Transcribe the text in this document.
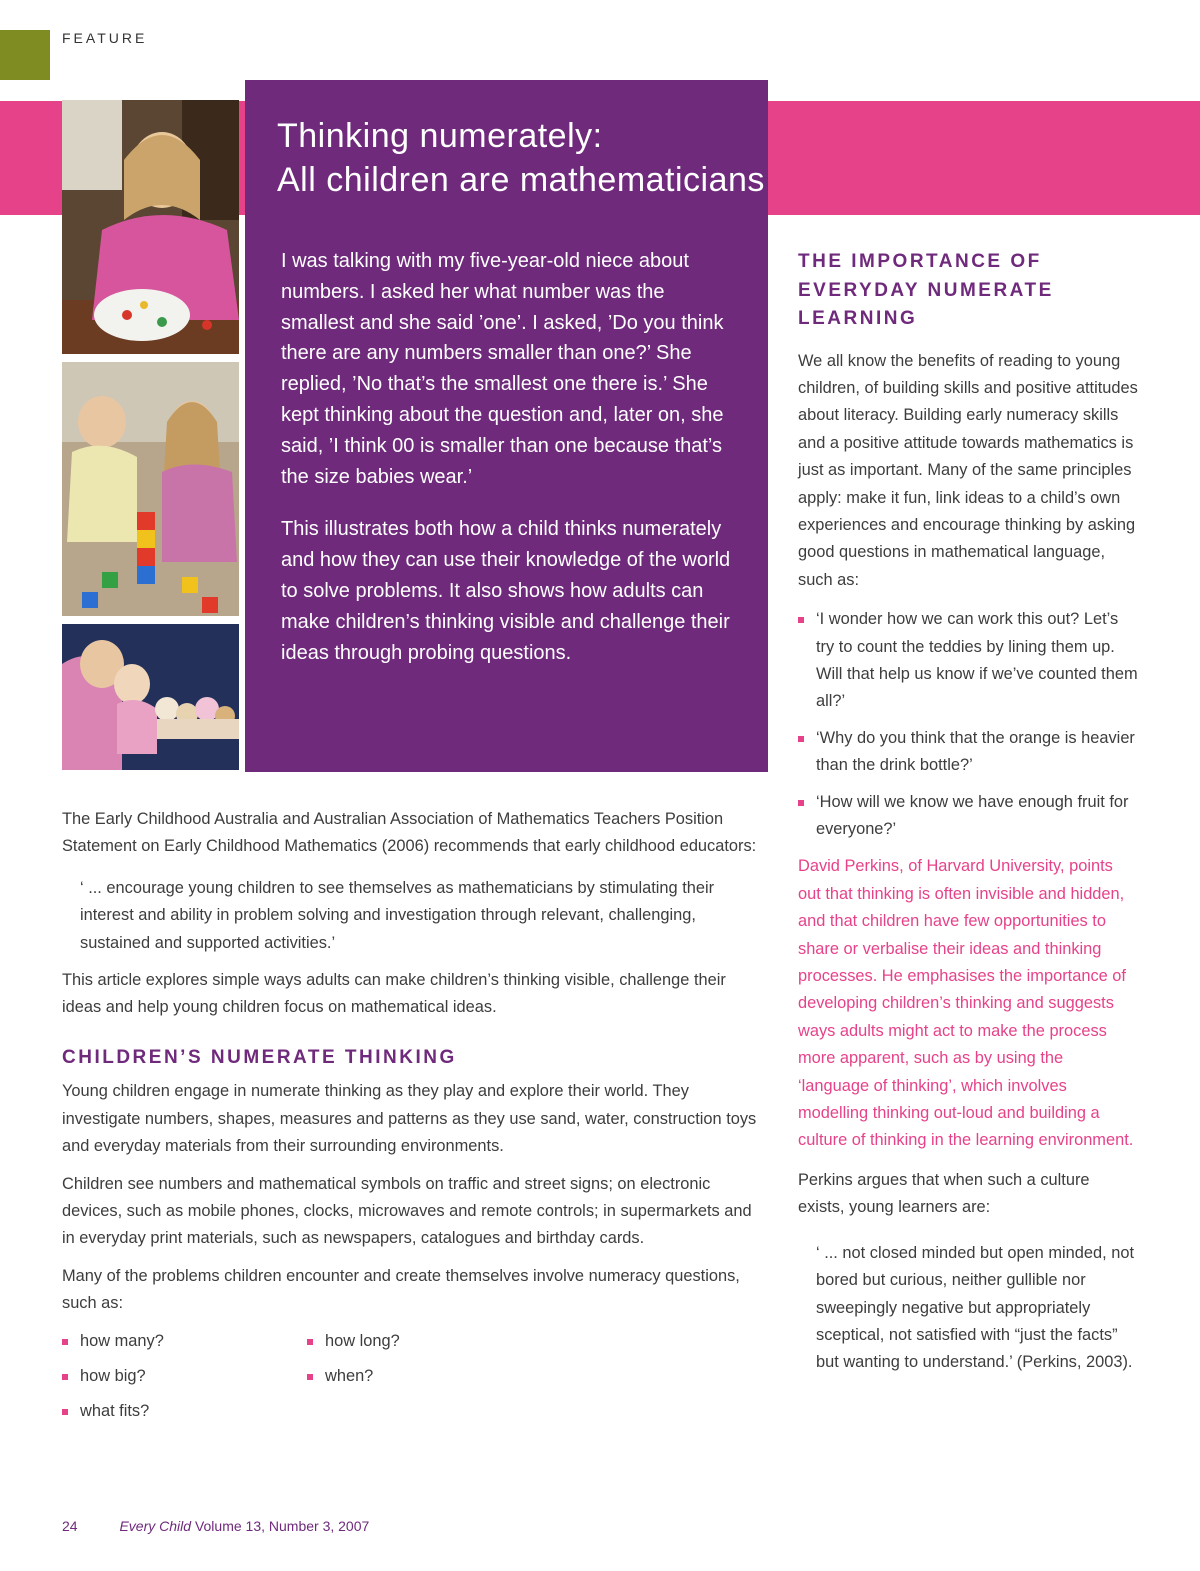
FEATURE
Thinking numerately:
All children are mathematicians

I was talking with my five-year-old niece about numbers. I asked her what number was the smallest and she said ’one’. I asked, ’Do you think there are any numbers smaller than one?’ She replied, ’No that’s the smallest one there is.’ She kept thinking about the question and, later on, she said, ’I think 00 is smaller than one because that’s the size babies wear.’

This illustrates both how a child thinks numerately and how they can use their knowledge of the world to solve problems. It also shows how adults can make children’s thinking visible and challenge their ideas through probing questions.

THE IMPORTANCE OF EVERYDAY NUMERATE LEARNING

We all know the benefits of reading to young children, of building skills and positive attitudes about literacy. Building early numeracy skills and a positive attitude towards mathematics is just as important. Many of the same principles apply: make it fun, link ideas to a child’s own experiences and encourage thinking by asking good questions in mathematical language, such as:

‘I wonder how we can work this out? Let’s try to count the teddies by lining them up. Will that help us know if we’ve counted them all?’
‘Why do you think that the orange is heavier than the drink bottle?’
‘How will we know we have enough fruit for everyone?’

David Perkins, of Harvard University, points out that thinking is often invisible and hidden, and that children have few opportunities to share or verbalise their ideas and thinking processes. He emphasises the importance of developing children’s thinking and suggests ways adults might act to make the process more apparent, such as by using the ‘language of thinking’, which involves modelling thinking out-loud and building a culture of thinking in the learning environment.

Perkins argues that when such a culture exists, young learners are:

‘ ... not closed minded but open minded, not bored but curious, neither gullible nor sweepingly negative but appropriately sceptical, not satisfied with “just the facts” but wanting to understand.’ (Perkins, 2003).

The Early Childhood Australia and Australian Association of Mathematics Teachers Position Statement on Early Childhood Mathematics (2006) recommends that early childhood educators:

‘ ... encourage young children to see themselves as mathematicians by stimulating their interest and ability in problem solving and investigation through relevant, challenging, sustained and supported activities.’

This article explores simple ways adults can make children’s thinking visible, challenge their ideas and help young children focus on mathematical ideas.

CHILDREN’S NUMERATE THINKING

Young children engage in numerate thinking as they play and explore their world. They investigate numbers, shapes, measures and patterns as they use sand, water, construction toys and everyday materials from their surrounding environments.

Children see numbers and mathematical symbols on traffic and street signs; on electronic devices, such as mobile phones, clocks, microwaves and remote controls; in supermarkets and in everyday print materials, such as newspapers, catalogues and birthday cards.

Many of the problems children encounter and create themselves involve numeracy questions, such as:

how many?
how big?
what fits?
how long?
when?
24	Every Child Volume 13, Number 3, 2007
